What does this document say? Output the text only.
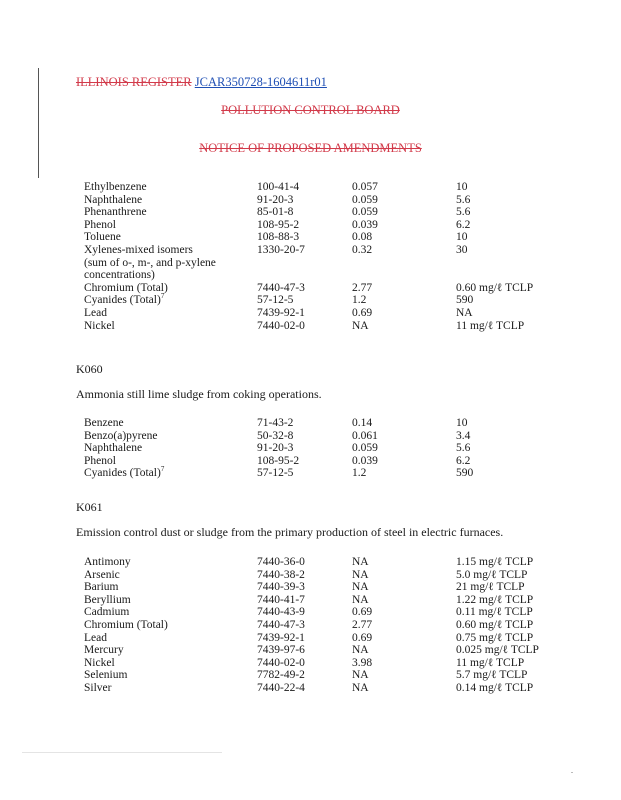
ILLINOIS REGISTER JCAR350728-1604611r01
POLLUTION CONTROL BOARD
NOTICE OF PROPOSED AMENDMENTS
Ethylbenzene	100-41-4	0.057	10
Naphthalene	91-20-3	0.059	5.6
Phenanthrene	85-01-8	0.059	5.6
Phenol	108-95-2	0.039	6.2
Toluene	108-88-3	0.08	10
Xylenes-mixed isomers	1330-20-7	0.32	30
(sum of o-, m-, and p-xylene
concentrations)
Chromium (Total)	7440-47-3	2.77	0.60 mg/ℓ TCLP
Cyanides (Total)$^7$	57-12-5	1.2	590
Lead	7439-92-1	0.69	NA
Nickel	7440-02-0	NA	11 mg/ℓ TCLP
K060
Ammonia still lime sludge from coking operations.
Benzene	71-43-2	0.14	10
Benzo(a)pyrene	50-32-8	0.061	3.4
Naphthalene	91-20-3	0.059	5.6
Phenol	108-95-2	0.039	6.2
Cyanides (Total)$^7$	57-12-5	1.2	590
K061
Emission control dust or sludge from the primary production of steel in electric furnaces.
Antimony	7440-36-0	NA	1.15 mg/ℓ TCLP
Arsenic	7440-38-2	NA	5.0 mg/ℓ TCLP
Barium	7440-39-3	NA	21 mg/ℓ TCLP
Beryllium	7440-41-7	NA	1.22 mg/ℓ TCLP
Cadmium	7440-43-9	0.69	0.11 mg/ℓ TCLP
Chromium (Total)	7440-47-3	2.77	0.60 mg/ℓ TCLP
Lead	7439-92-1	0.69	0.75 mg/ℓ TCLP
Mercury	7439-97-6	NA	0.025 mg/ℓ TCLP
Nickel	7440-02-0	3.98	11 mg/ℓ TCLP
Selenium	7782-49-2	NA	5.7 mg/ℓ TCLP
Silver	7440-22-4	NA	0.14 mg/ℓ TCLP
